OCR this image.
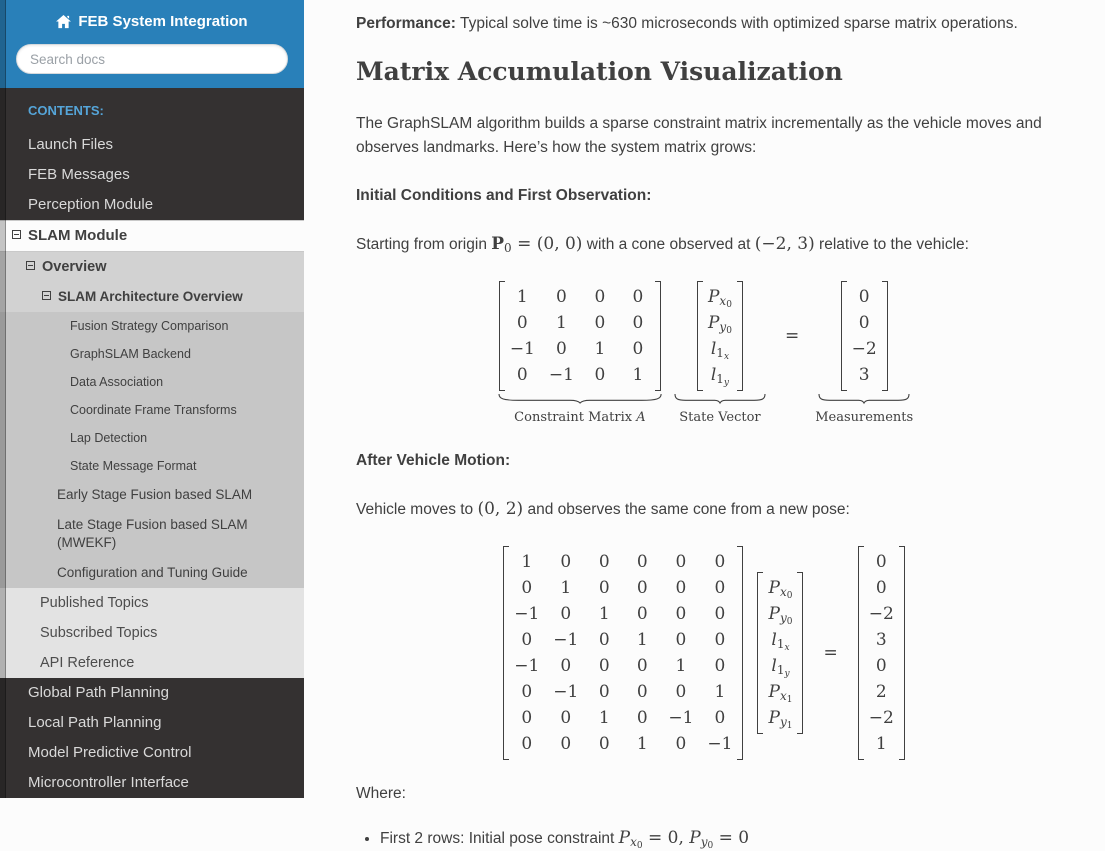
FEB System Integration
Search docs

CONTENTS:

Launch Files
FEB Messages
Perception Module
SLAM Module
Overview
SLAM Architecture Overview
Fusion Strategy Comparison
GraphSLAM Backend
Data Association
Coordinate Frame Transforms
Lap Detection
State Message Format
Early Stage Fusion based SLAM
Late Stage Fusion based SLAM (MWEKF)
Configuration and Tuning Guide
Published Topics
Subscribed Topics
API Reference
Global Path Planning
Local Path Planning
Model Predictive Control
Microcontroller Interface

Performance: Typical solve time is ~630 microseconds with optimized sparse matrix operations.

Matrix Accumulation Visualization

The GraphSLAM algorithm builds a sparse constraint matrix incrementally as the vehicle moves and observes landmarks. Here’s how the system matrix grows:

Initial Conditions and First Observation:

Starting from origin $P_0 = (0$, 0) with a cone observed at (−2, 3) relative to the vehicle:

1	0	0	0
0	1	0	0
−1	0	1	0
0	−1	0	1
Constraint Matrix A
$P_{x_0}$
$P_{y_0}$
$l_{1_x}$
$l_{1_y}$
State Vector
=
0
0
−2
3
Measurements

After Vehicle Motion:

Vehicle moves to (0, 2) and observes the same cone from a new pose:

1	0	0	0	0	0
0	1	0	0	0	0
−1	0	1	0	0	0
0	−1	0	1	0	0
−1	0	0	0	1	0
0	−1	0	0	0	1
0	0	1	0	−1	0
0	0	0	1	0	−1
$P_{x_0}$
$P_{y_0}$
$l_{1_x}$
$l_{1_y}$
$P_{x_1}$
$P_{y_1}$
=
0
0
−2
3
0
2
−2
1

Where:

• First 2 rows: Initial pose constraint $P_{x_0} = 0$, $P_{y_0} = 0$
